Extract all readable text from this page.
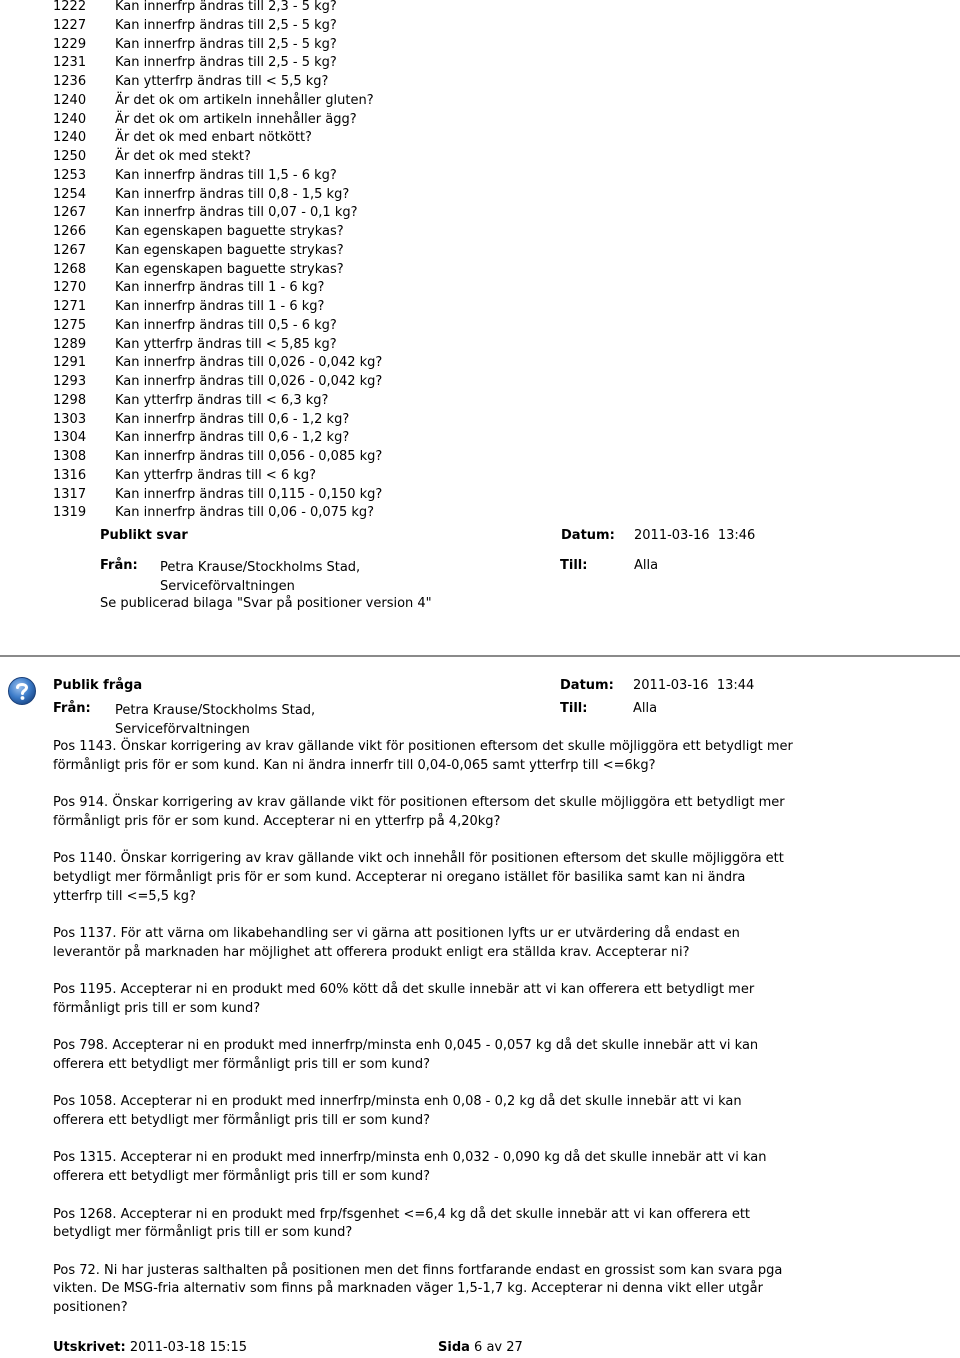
1222	Kan innerfrp ändras till 2,3 - 5 kg?
1227	Kan innerfrp ändras till 2,5 - 5 kg?
1229	Kan innerfrp ändras till 2,5 - 5 kg?
1231	Kan innerfrp ändras till 2,5 - 5 kg?
1236	Kan ytterfrp ändras till < 5,5 kg?
1240	Är det ok om artikeln innehåller gluten?
1240	Är det ok om artikeln innehåller ägg?
1240	Är det ok med enbart nötkött?
1250	Är det ok med stekt?
1253	Kan innerfrp ändras till 1,5 - 6 kg?
1254	Kan innerfrp ändras till 0,8 - 1,5 kg?
1267	Kan innerfrp ändras till 0,07 - 0,1 kg?
1266	Kan egenskapen baguette strykas?
1267	Kan egenskapen baguette strykas?
1268	Kan egenskapen baguette strykas?
1270	Kan innerfrp ändras till 1 - 6 kg?
1271	Kan innerfrp ändras till 1 - 6 kg?
1275	Kan innerfrp ändras till 0,5 - 6 kg?
1289	Kan ytterfrp ändras till < 5,85 kg?
1291	Kan innerfrp ändras till 0,026 - 0,042 kg?
1293	Kan innerfrp ändras till 0,026 - 0,042 kg?
1298	Kan ytterfrp ändras till < 6,3 kg?
1303	Kan innerfrp ändras till 0,6 - 1,2 kg?
1304	Kan innerfrp ändras till 0,6 - 1,2 kg?
1308	Kan innerfrp ändras till 0,056 - 0,085 kg?
1316	Kan ytterfrp ändras till < 6 kg?
1317	Kan innerfrp ändras till 0,115 - 0,150 kg?
1319	Kan innerfrp ändras till 0,06 - 0,075 kg?
Publikt svar	Datum: 2011-03-16  13:46
Från: Petra Krause/Stockholms Stad,
Serviceförvaltningen
Till:	Alla
Se publicerad bilaga "Svar på positioner version 4"
Publik fråga	Datum: 2011-03-16  13:44
Från: Petra Krause/Stockholms Stad,
Serviceförvaltningen
Till:	Alla

Pos 1143. Önskar korrigering av krav gällande vikt för positionen eftersom det skulle möjliggöra ett betydligt mer förmånligt pris för er som kund. Kan ni ändra innerfr till 0,04-0,065 samt ytterfrp till <=6kg?

Pos 914. Önskar korrigering av krav gällande vikt för positionen eftersom det skulle möjliggöra ett betydligt mer förmånligt pris för er som kund. Accepterar ni en ytterfrp på 4,20kg?

Pos 1140. Önskar korrigering av krav gällande vikt och innehåll för positionen eftersom det skulle möjliggöra ett betydligt mer förmånligt pris för er som kund. Accepterar ni oregano istället för basilika samt kan ni ändra ytterfrp till <=5,5 kg?

Pos 1137. För att värna om likabehandling ser vi gärna att positionen lyfts ur er utvärdering då endast en leverantör på marknaden har möjlighet att offerera produkt enligt era ställda krav. Accepterar ni?

Pos 1195. Accepterar ni en produkt med 60% kött då det skulle innebär att vi kan offerera ett betydligt mer förmånligt pris till er som kund?

Pos 798. Accepterar ni en produkt med innerfrp/minsta enh 0,045 - 0,057 kg då det skulle innebär att vi kan offerera ett betydligt mer förmånligt pris till er som kund?

Pos 1058. Accepterar ni en produkt med innerfrp/minsta enh 0,08 - 0,2 kg då det skulle innebär att vi kan offerera ett betydligt mer förmånligt pris till er som kund?

Pos 1315. Accepterar ni en produkt med innerfrp/minsta enh 0,032 - 0,090 kg då det skulle innebär att vi kan offerera ett betydligt mer förmånligt pris till er som kund?

Pos 1268. Accepterar ni en produkt med frp/fsgenhet <=6,4 kg då det skulle innebär att vi kan offerera ett betydligt mer förmånligt pris till er som kund?

Pos 72. Ni har justeras salthalten på positionen men det finns fortfarande endast en grossist som kan svara pga vikten. De MSG-fria alternativ som finns på marknaden väger 1,5-1,7 kg. Accepterar ni denna vikt eller utgår positionen?

Utskrivet: 2011-03-18 15:15	Sida 6 av 27
